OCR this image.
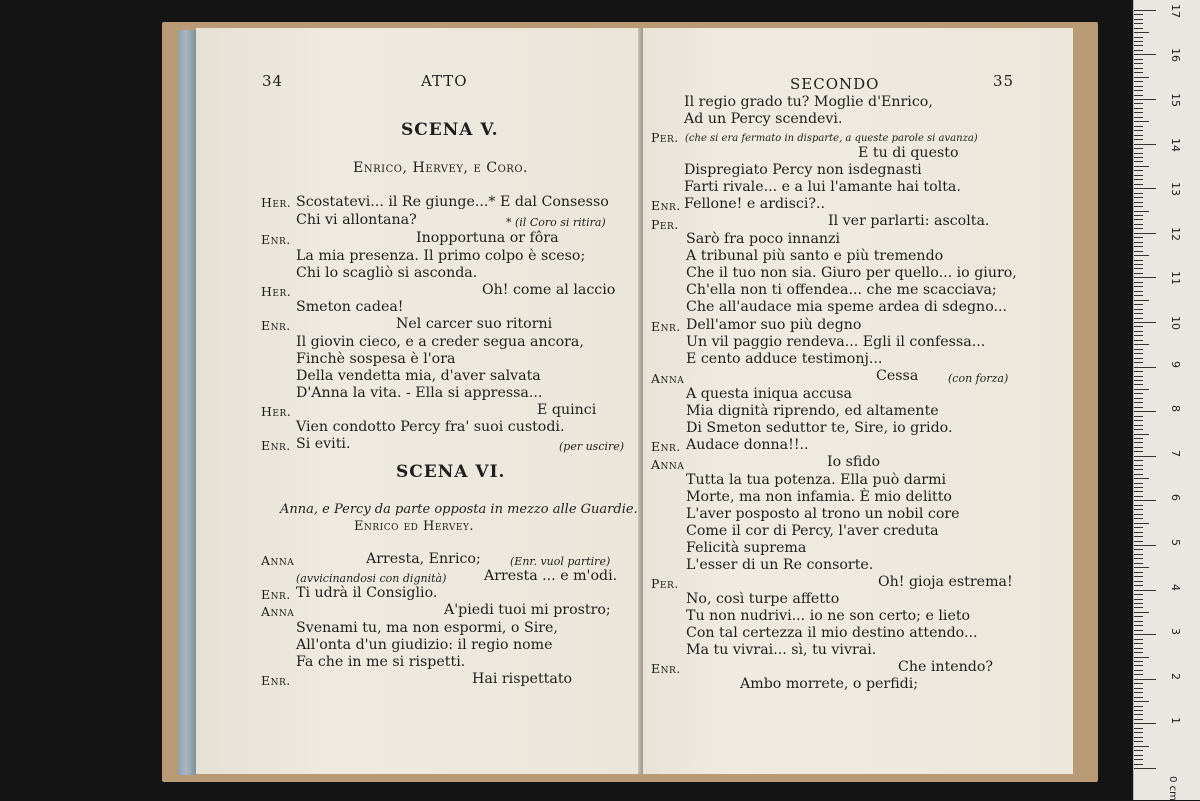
34	ATTO
SCENA V.
Enrico, Hervey, e Coro.
Her. Scostatevi... il Re giunge...* E dal Consesso
Chi vi allontana?	* (il Coro si ritira)
Enr.	Inopportuna or fôra
La mia presenza. Il primo colpo è sceso;
Chi lo scagliò si asconda.
Her.	Oh! come al laccio
Smeton cadea!
Enr.	Nel carcer suo ritorni
Il giovin cieco, e a creder segua ancora,
Finchè sospesa è l'ora
Della vendetta mia, d'aver salvata
D'Anna la vita. - Ella si appressa...
Her.	E quinci
Vien condotto Percy fra' suoi custodi.
Enr. Si eviti.	(per uscire)
SCENA VI.
Anna, e Percy da parte opposta in mezzo alle Guardie.
Enrico ed Hervey.
Anna	Arresta, Enrico;	(Enr. vuol partire)
(avvicinandosi con dignità)	Arresta ... e m'odi.
Enr. Ti udrà il Consiglio.
Anna	A'piedi tuoi mi prostro;
Svenami tu, ma non espormi, o Sire,
All'onta d'un giudizio: il regio nome
Fa che in me si rispetti.
Enr.	Hai rispettato
SECONDO	35
Il regio grado tu? Moglie d'Enrico,
Ad un Percy scendevi.
Per. (che si era fermato in disparte, a queste parole si avanza)
E tu di questo
Dispregiato Percy non isdegnasti
Farti rivale... e a lui l'amante hai tolta.
Enr. Fellone! e ardisci?..
Per.	Il ver parlarti: ascolta.
Sarò fra poco innanzi
A tribunal più santo e più tremendo
Che il tuo non sia. Giuro per quello... io giuro,
Ch'ella non ti offendea... che me scacciava;
Che all'audace mia speme ardea di sdegno...
Enr. Dell'amor suo più degno
Un vil paggio rendeva... Egli il confessa...
E cento adduce testimonj...
Anna	Cessa	(con forza)
A questa iniqua accusa
Mia dignità riprendo, ed altamente
Di Smeton seduttor te, Sire, io grido.
Enr. Audace donna!!..
Anna	Io sfido
Tutta la tua potenza. Ella può darmi
Morte, ma non infamia. È mio delitto
L'aver posposto al trono un nobil core
Come il cor di Percy, l'aver creduta
Felicità suprema
L'esser di un Re consorte.
Per.	Oh! gioja estrema!
No, così turpe affetto
Tu non nudrivi... io ne son certo; e lieto
Con tal certezza il mio destino attendo...
Ma tu vivrai... sì, tu vivrai.
Enr.	Che intendo?
Ambo morrete, o perfidi;
0 cm
1
2
3
4
5
6
7
8
9
10
11
12
13
14
15
16
17
